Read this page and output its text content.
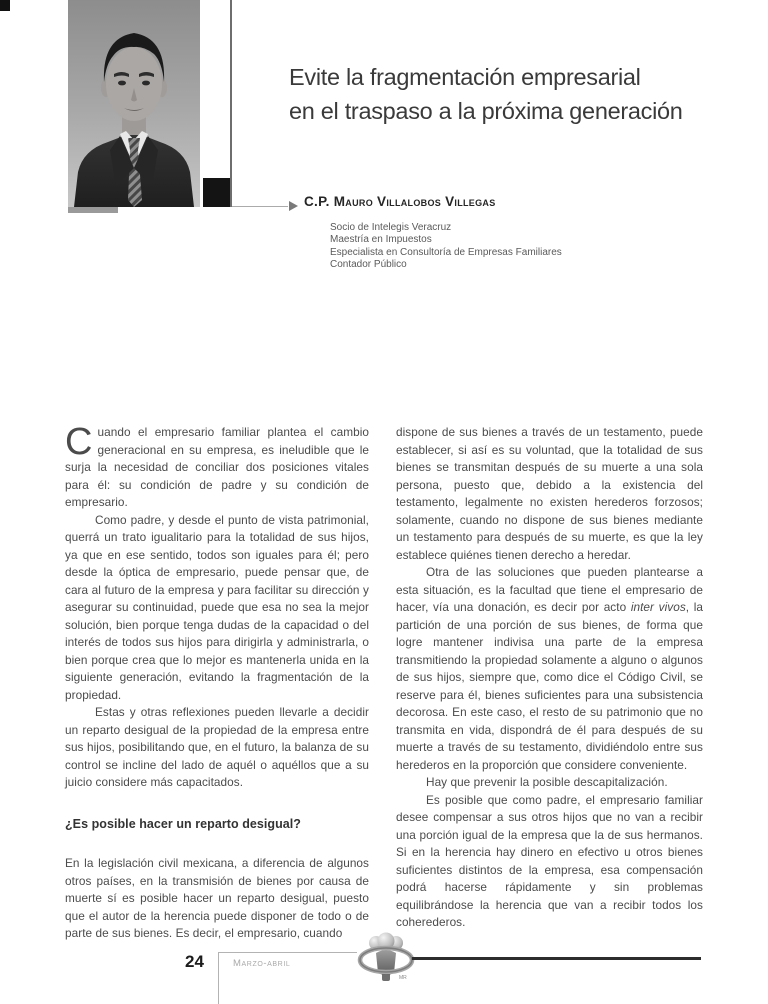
Evite la fragmentación empresarial
en el traspaso a la próxima generación
C.P. Mauro Villalobos Villegas
Socio de Intelegis Veracruz
Maestría en Impuestos
Especialista en Consultoría de Empresas Familiares
Contador Público

Cuando el empresario familiar plantea el cambio generacional en su empresa, es ineludible que le surja la necesidad de conciliar dos posiciones vitales para él: su condición de padre y su condición de empresario.

Como padre, y desde el punto de vista patrimonial, querrá un trato igualitario para la totalidad de sus hijos, ya que en ese sentido, todos son iguales para él; pero desde la óptica de empresario, puede pensar que, de cara al futuro de la empresa y para facilitar su dirección y asegurar su continuidad, puede que esa no sea la mejor solución, bien porque tenga dudas de la capacidad o del interés de todos sus hijos para dirigirla y administrarla, o bien porque crea que lo mejor es mantenerla unida en la siguiente generación, evitando la fragmentación de la propiedad.

Estas y otras reflexiones pueden llevarle a decidir un reparto desigual de la propiedad de la empresa entre sus hijos, posibilitando que, en el futuro, la balanza de su control se incline del lado de aquél o aquéllos que a su juicio considere más capacitados.

¿Es posible hacer un reparto desigual?

En la legislación civil mexicana, a diferencia de algunos otros países, en la transmisión de bienes por causa de muerte sí es posible hacer un reparto desigual, puesto que el autor de la herencia puede disponer de todo o de parte de sus bienes. Es decir, el empresario, cuando

dispone de sus bienes a través de un testamento, puede establecer, si así es su voluntad, que la totalidad de sus bienes se transmitan después de su muerte a una sola persona, puesto que, debido a la existencia del testamento, legalmente no existen herederos forzosos; solamente, cuando no dispone de sus bienes mediante un testamento para después de su muerte, es que la ley establece quiénes tienen derecho a heredar.

Otra de las soluciones que pueden plantearse a esta situación, es la facultad que tiene el empresario de hacer, vía una donación, es decir por acto inter vivos, la partición de una porción de sus bienes, de forma que logre mantener indivisa una parte de la empresa transmitiendo la propiedad solamente a alguno o algunos de sus hijos, siempre que, como dice el Código Civil, se reserve para él, bienes suficientes para una subsistencia decorosa. En este caso, el resto de su patrimonio que no transmita en vida, dispondrá de él para después de su muerte a través de su testamento, dividiéndolo entre sus herederos en la proporción que considere conveniente.

Hay que prevenir la posible descapitalización.

Es posible que como padre, el empresario familiar desee compensar a sus otros hijos que no van a recibir una porción igual de la empresa que la de sus hermanos. Si en la herencia hay dinero en efectivo u otros bienes suficientes distintos de la empresa, esa compensación podrá hacerse rápidamente y sin problemas equilibrándose la herencia que van a recibir todos los coherederos.

24	Marzo-abril
MR
